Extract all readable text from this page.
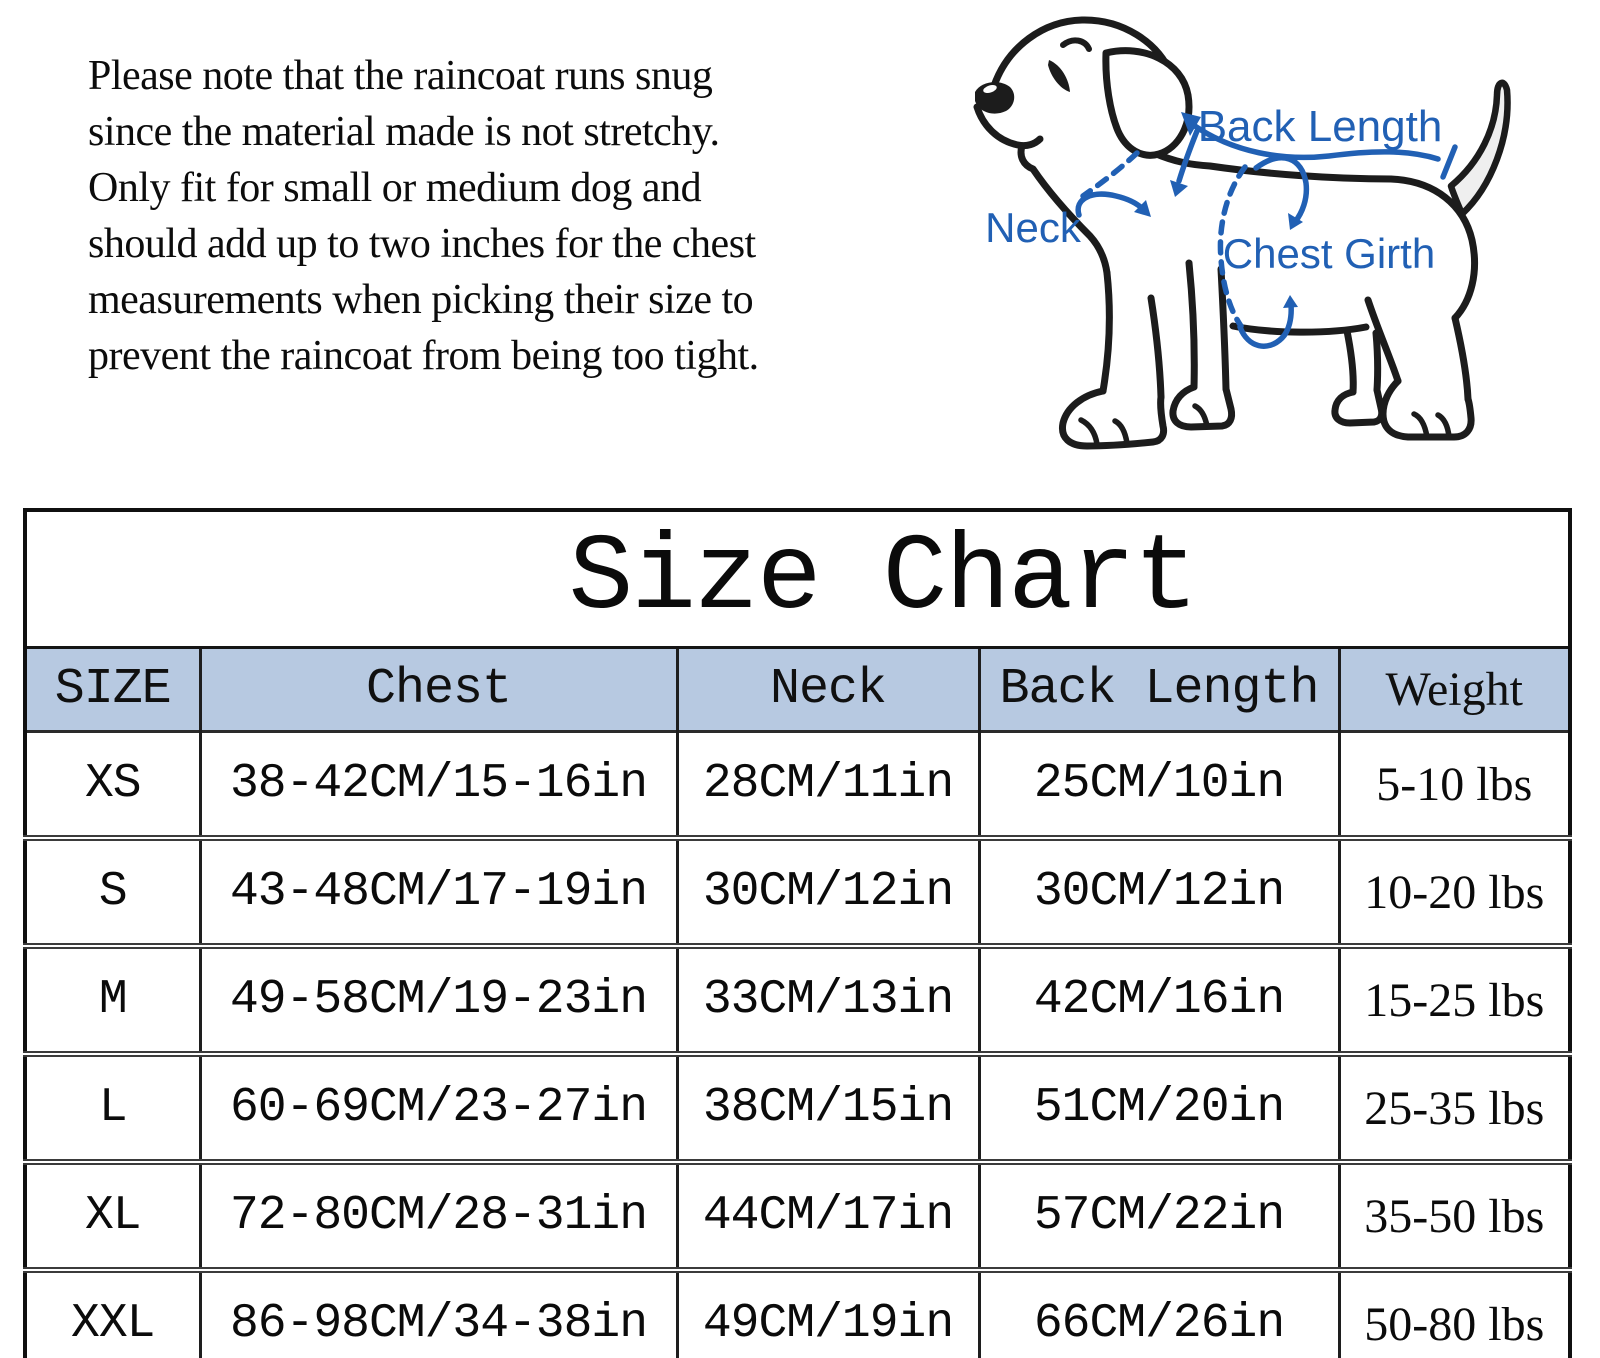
Please note that the raincoat runs snug
since the material made is not stretchy.
Only fit for small or medium dog and
should add up to two inches for the chest
measurements when picking their size to
prevent the raincoat from being too tight.
Back Length
Neck
Chest Girth
Size Chart				
SIZE	Chest	Neck	Back Length	Weight
XS	38-42CM/15-16in	28CM/11in	25CM/10in	5-10 lbs
S	43-48CM/17-19in	30CM/12in	30CM/12in	10-20 lbs
M	49-58CM/19-23in	33CM/13in	42CM/16in	15-25 lbs
L	60-69CM/23-27in	38CM/15in	51CM/20in	25-35 lbs
XL	72-80CM/28-31in	44CM/17in	57CM/22in	35-50 lbs
XXL	86-98CM/34-38in	49CM/19in	66CM/26in	50-80 lbs
